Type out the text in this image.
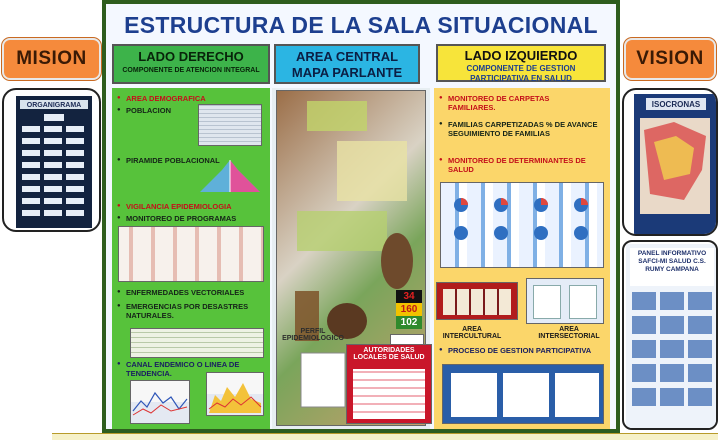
MISION
ORGANIGRAMA
ESTRUCTURA DE LA SALA SITUACIONAL
LADO DERECHO
COMPONENTE DE ATENCION INTEGRAL
AREA CENTRAL
MAPA PARLANTE
LADO IZQUIERDO
COMPONENTE DE GESTION
PARTICIPATIVA EN SALUD
● AREA DEMOGRAFICA
● POBLACION
● PIRAMIDE POBLACIONAL
● VIGILANCIA EPIDEMIOLOGIA
● MONITOREO DE PROGRAMAS
● ENFERMEDADES VECTORIALES
● EMERGENCIAS POR DESASTRES NATURALES.
● CANAL ENDEMICO O LINEA DE TENDENCIA.
PERFIL EPIDEMIOLOGICO
AUTORIDADES LOCALES DE SALUD
34
160
102
● MONITOREO DE CARPETAS FAMILIARES.
● FAMILIAS CARPETIZADAS % DE AVANCE SEGUIMIENTO DE FAMILIAS
● MONITOREO DE DETERMINANTES DE SALUD
AREA INTERCULTURAL
AREA INTERSECTORIAL
● PROCESO DE GESTION PARTICIPATIVA
VISION
ISOCRONAS
PANEL INFORMATIVO SAFCI-MI SALUD C.S. RUMY CAMPANA
